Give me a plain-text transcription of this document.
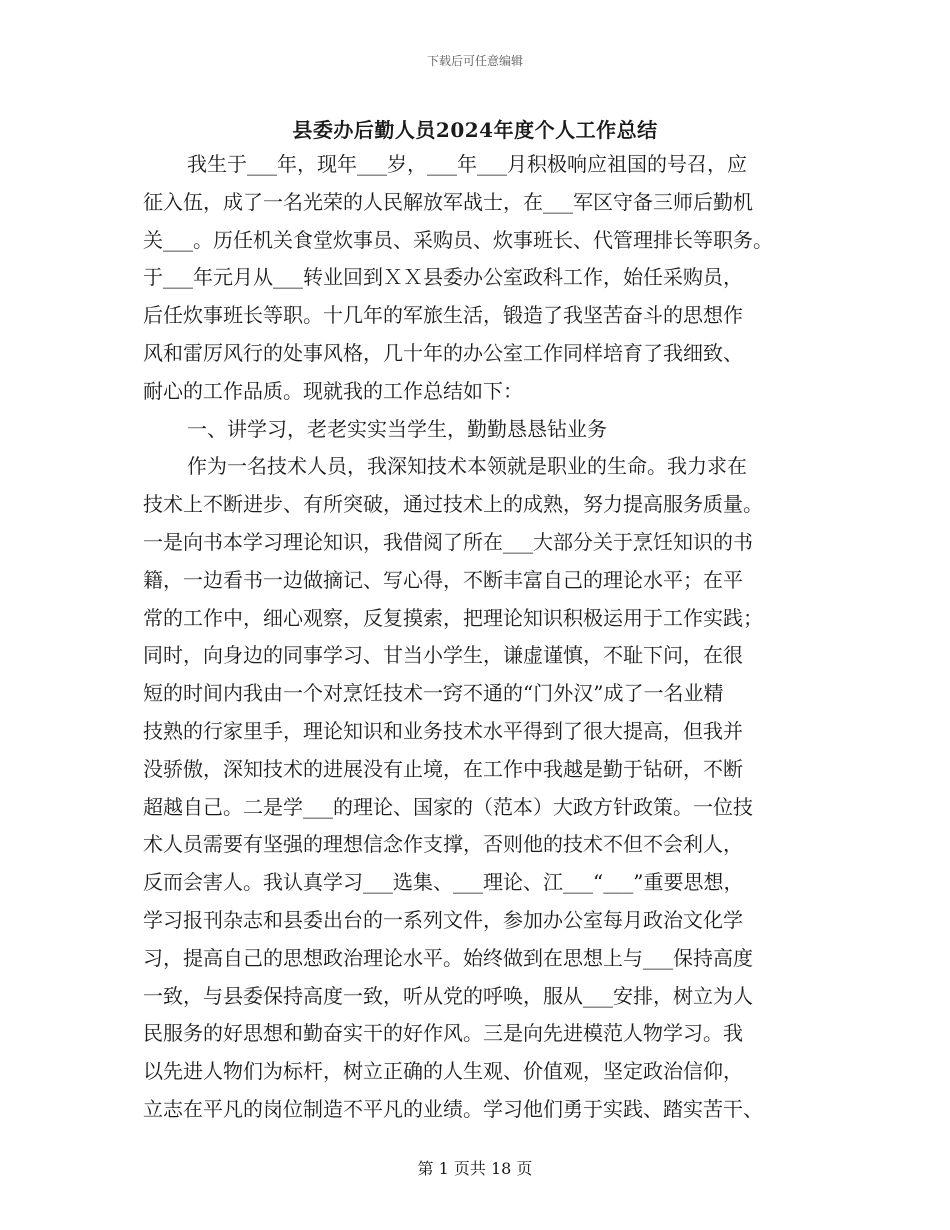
下载后可任意编辑
县委办后勤人员2024年度个人工作总结
我生于___年，现年___岁，___年___月积极响应祖国的号召，应
征入伍，成了一名光荣的人民解放军战士，在___军区守备三师后勤机
关___。历任机关食堂炊事员、采购员、炊事班长、代管理排长等职务。
于___年元月从___转业回到ＸＸ县委办公室政科工作，始任采购员，
后任炊事班长等职。十几年的军旅生活，锻造了我坚苦奋斗的思想作
风和雷厉风行的处事风格，几十年的办公室工作同样培育了我细致、
耐心的工作品质。现就我的工作总结如下：
一、讲学习，老老实实当学生，勤勤恳恳钻业务
作为一名技术人员，我深知技术本领就是职业的生命。我力求在
技术上不断进步、有所突破，通过技术上的成熟，努力提高服务质量。
一是向书本学习理论知识，我借阅了所在___大部分关于烹饪知识的书
籍，一边看书一边做摘记、写心得，不断丰富自己的理论水平；在平
常的工作中，细心观察，反复摸索，把理论知识积极运用于工作实践；
同时，向身边的同事学习、甘当小学生，谦虚谨慎，不耻下问，在很
短的时间内我由一个对烹饪技术一窍不通的“门外汉”成了一名业精
技熟的行家里手，理论知识和业务技术水平得到了很大提高，但我并
没骄傲，深知技术的进展没有止境，在工作中我越是勤于钻研，不断
超越自己。二是学___的理论、国家的（范本）大政方针政策。一位技
术人员需要有坚强的理想信念作支撑，否则他的技术不但不会利人，
反而会害人。我认真学习___选集、___理论、江___“___”重要思想，
学习报刊杂志和县委出台的一系列文件，参加办公室每月政治文化学
习，提高自己的思想政治理论水平。始终做到在思想上与___保持高度
一致，与县委保持高度一致，听从党的呼唤，服从___安排，树立为人
民服务的好思想和勤奋实干的好作风。三是向先进模范人物学习。我
以先进人物们为标杆，树立正确的人生观、价值观，坚定政治信仰，
立志在平凡的岗位制造不平凡的业绩。学习他们勇于实践、踏实苦干、
第 1 页共 18 页
